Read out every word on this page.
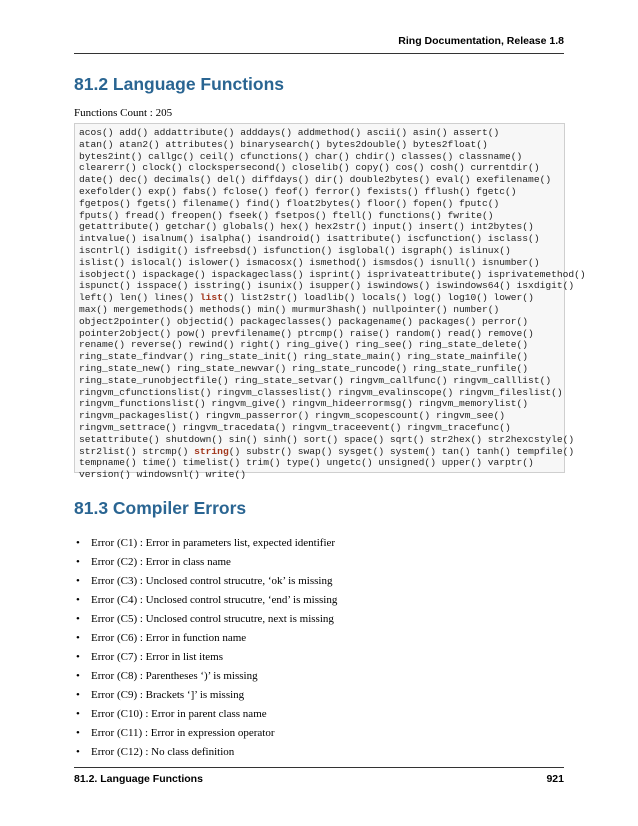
Ring Documentation, Release 1.8
81.2 Language Functions
Functions Count : 205
acos() add() addattribute() adddays() addmethod() ascii() asin() assert()
atan() atan2() attributes() binarysearch() bytes2double() bytes2float()
bytes2int() callgc() ceil() cfunctions() char() chdir() classes() classname()
clearerr() clock() clockspersecond() closelib() copy() cos() cosh() currentdir()
date() dec() decimals() del() diffdays() dir() double2bytes() eval() exefilename()
exefolder() exp() fabs() fclose() feof() ferror() fexists() fflush() fgetc()
fgetpos() fgets() filename() find() float2bytes() floor() fopen() fputc()
fputs() fread() freopen() fseek() fsetpos() ftell() functions() fwrite()
getattribute() getchar() globals() hex() hex2str() input() insert() int2bytes()
intvalue() isalnum() isalpha() isandroid() isattribute() iscfunction() isclass()
iscntrl() isdigit() isfreebsd() isfunction() isglobal() isgraph() islinux()
islist() islocal() islower() ismacosx() ismethod() ismsdos() isnull() isnumber()
isobject() ispackage() ispackageclass() isprint() isprivateattribute() isprivatemethod()
ispunct() isspace() isstring() isunix() isupper() iswindows() iswindows64() isxdigit()
left() len() lines() list() list2str() loadlib() locals() log() log10() lower()
max() mergemethods() methods() min() murmur3hash() nullpointer() number()
object2pointer() objectid() packageclasses() packagename() packages() perror()
pointer2object() pow() prevfilename() ptrcmp() raise() random() read() remove()
rename() reverse() rewind() right() ring_give() ring_see() ring_state_delete()
ring_state_findvar() ring_state_init() ring_state_main() ring_state_mainfile()
ring_state_new() ring_state_newvar() ring_state_runcode() ring_state_runfile()
ring_state_runobjectfile() ring_state_setvar() ringvm_callfunc() ringvm_calllist()
ringvm_cfunctionslist() ringvm_classeslist() ringvm_evalinscope() ringvm_fileslist()
ringvm_functionslist() ringvm_give() ringvm_hideerrormsg() ringvm_memorylist()
ringvm_packageslist() ringvm_passerror() ringvm_scopescount() ringvm_see()
ringvm_settrace() ringvm_tracedata() ringvm_traceevent() ringvm_tracefunc()
setattribute() shutdown() sin() sinh() sort() space() sqrt() str2hex() str2hexcstyle()
str2list() strcmp() string() substr() swap() sysget() system() tan() tanh() tempfile()
tempname() time() timelist() trim() type() ungetc() unsigned() upper() varptr()
version() windowsnl() write()
81.3 Compiler Errors
• Error (C1) : Error in parameters list, expected identifier
• Error (C2) : Error in class name
• Error (C3) : Unclosed control strucutre, ‘ok’ is missing
• Error (C4) : Unclosed control strucutre, ‘end’ is missing
• Error (C5) : Unclosed control strucutre, next is missing
• Error (C6) : Error in function name
• Error (C7) : Error in list items
• Error (C8) : Parentheses ‘)’ is missing
• Error (C9) : Brackets ‘]’ is missing
• Error (C10) : Error in parent class name
• Error (C11) : Error in expression operator
• Error (C12) : No class definition
81.2. Language Functions	921
